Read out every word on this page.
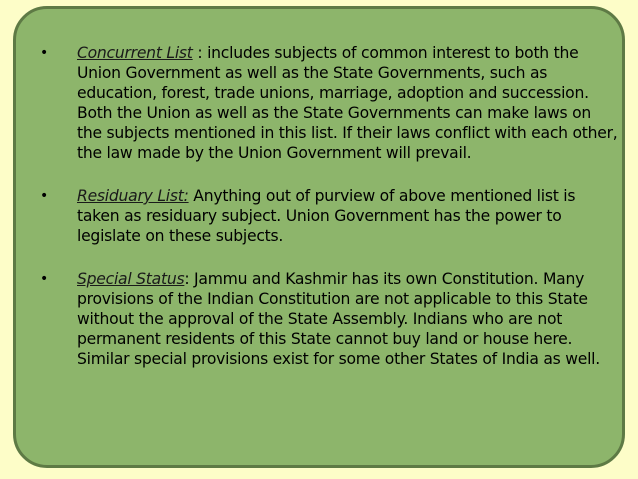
•	Concurrent List : includes subjects of common interest to both the Union Government as well as the State Governments, such as education, forest, trade unions, marriage, adoption and succession. Both the Union as well as the State Governments can make laws on the subjects mentioned in this list. If their laws conflict with each other, the law made by the Union Government will prevail.
•	Residuary List: Anything out of purview of above mentioned list is taken as residuary subject. Union Government has the power to legislate on these subjects.
•	Special Status: Jammu and Kashmir has its own Constitution. Many provisions of the Indian Constitution are not applicable to this State without the approval of the State Assembly. Indians who are not permanent residents of this State cannot buy land or house here. Similar special provisions exist for some other States of India as well.
